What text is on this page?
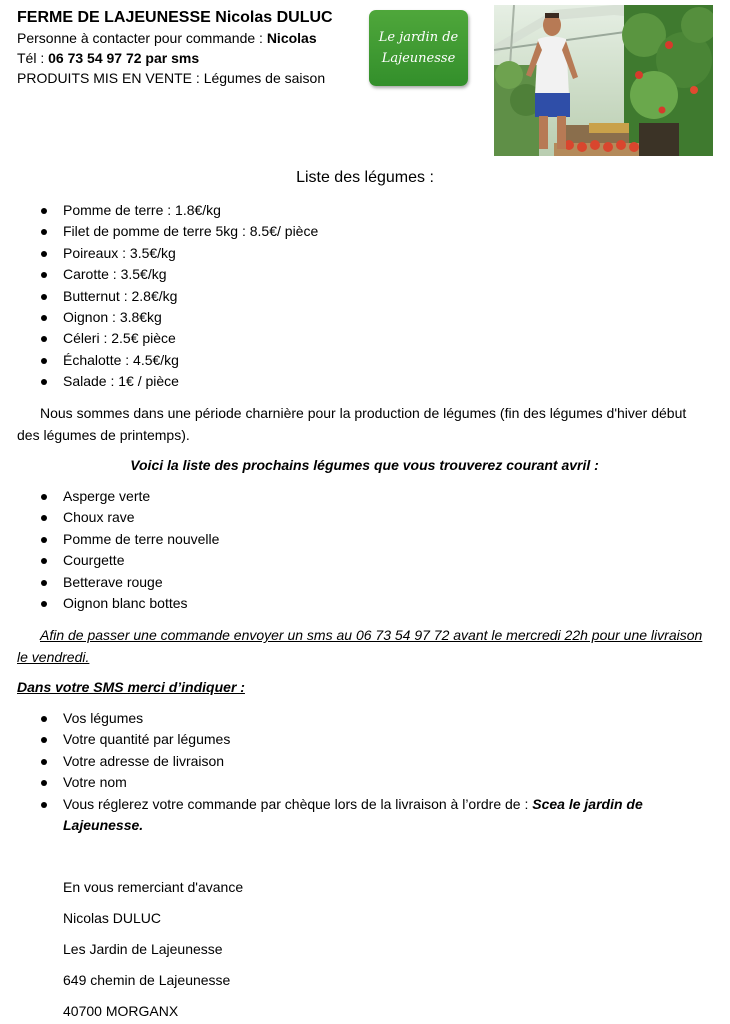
FERME DE LAJEUNESSE Nicolas DULUC
Personne à contacter pour commande : Nicolas
Tél : 06 73 54 97 72 par sms
PRODUITS MIS EN VENTE : Légumes de saison
Le jardin de
Lajeunesse
Liste des légumes :
Pomme de terre : 1.8€/kg
Filet de pomme de terre 5kg : 8.5€/ pièce
Poireaux : 3.5€/kg
Carotte : 3.5€/kg
Butternut : 2.8€/kg
Oignon : 3.8€kg
Céleri : 2.5€ pièce
Échalotte : 4.5€/kg
Salade : 1€ / pièce
Nous sommes dans une période charnière pour la production de légumes (fin des légumes d'hiver début des légumes de printemps).
Voici la liste des prochains légumes que vous trouverez courant avril :
Asperge verte
Choux rave
Pomme de terre nouvelle
Courgette
Betterave rouge
Oignon blanc bottes
Afin de passer une commande envoyer un sms au 06 73 54 97 72 avant le mercredi 22h pour une livraison le vendredi.
Dans votre SMS merci d’indiquer :
Vos légumes
Votre quantité par légumes
Votre adresse de livraison
Votre nom
Vous réglerez votre commande par chèque lors de la livraison à l’ordre de : Scea le jardin de Lajeunesse.
En vous remerciant d'avance
Nicolas DULUC
Les Jardin de Lajeunesse
649 chemin de Lajeunesse
40700 MORGANX
